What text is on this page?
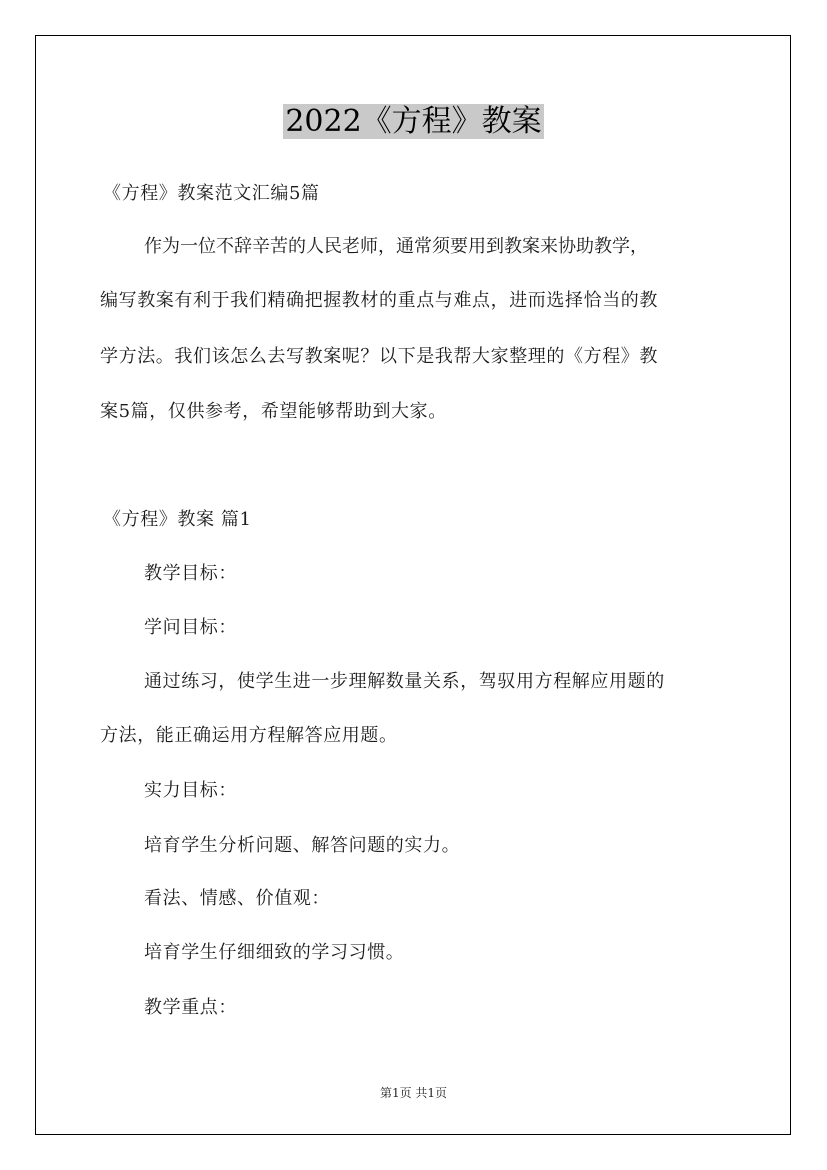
2022《方程》教案
《方程》教案范文汇编5篇
作为一位不辞辛苦的人民老师，通常须要用到教案来协助教学，
编写教案有利于我们精确把握教材的重点与难点，进而选择恰当的教
学方法。我们该怎么去写教案呢？以下是我帮大家整理的《方程》教
案5篇，仅供参考，希望能够帮助到大家。
《方程》教案 篇1
教学目标：
学问目标：
通过练习，使学生进一步理解数量关系，驾驭用方程解应用题的
方法，能正确运用方程解答应用题。
实力目标：
培育学生分析问题、解答问题的实力。
看法、情感、价值观：
培育学生仔细细致的学习习惯。
教学重点：
第1页 共1页
